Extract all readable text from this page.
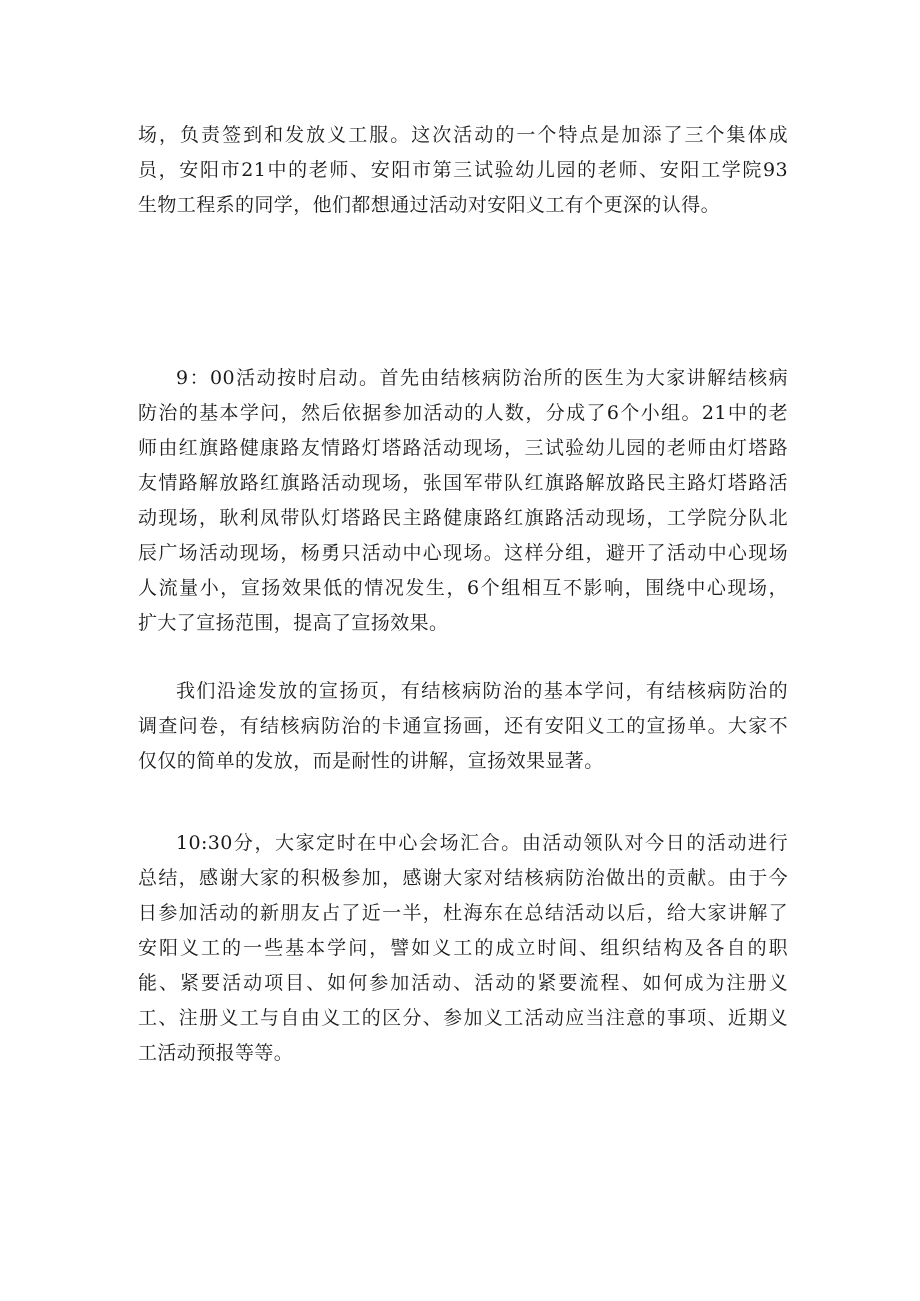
场，负责签到和发放义工服。这次活动的一个特点是加添了三个集体成
员，安阳市21中的老师、安阳市第三试验幼儿园的老师、安阳工学院93
生物工程系的同学，他们都想通过活动对安阳义工有个更深的认得。

9：00活动按时启动。首先由结核病防治所的医生为大家讲解结核病
防治的基本学问，然后依据参加活动的人数，分成了6个小组。21中的老
师由红旗路健康路友情路灯塔路活动现场，三试验幼儿园的老师由灯塔路
友情路解放路红旗路活动现场，张国军带队红旗路解放路民主路灯塔路活
动现场，耿利凤带队灯塔路民主路健康路红旗路活动现场，工学院分队北
辰广场活动现场，杨勇只活动中心现场。这样分组，避开了活动中心现场
人流量小，宣扬效果低的情况发生，6个组相互不影响，围绕中心现场，
扩大了宣扬范围，提高了宣扬效果。

我们沿途发放的宣扬页，有结核病防治的基本学问，有结核病防治的
调查问卷，有结核病防治的卡通宣扬画，还有安阳义工的宣扬单。大家不
仅仅的简单的发放，而是耐性的讲解，宣扬效果显著。

10:30分，大家定时在中心会场汇合。由活动领队对今日的活动进行
总结，感谢大家的积极参加，感谢大家对结核病防治做出的贡献。由于今
日参加活动的新朋友占了近一半，杜海东在总结活动以后，给大家讲解了
安阳义工的一些基本学问，譬如义工的成立时间、组织结构及各自的职
能、紧要活动项目、如何参加活动、活动的紧要流程、如何成为注册义
工、注册义工与自由义工的区分、参加义工活动应当注意的事项、近期义
工活动预报等等。
